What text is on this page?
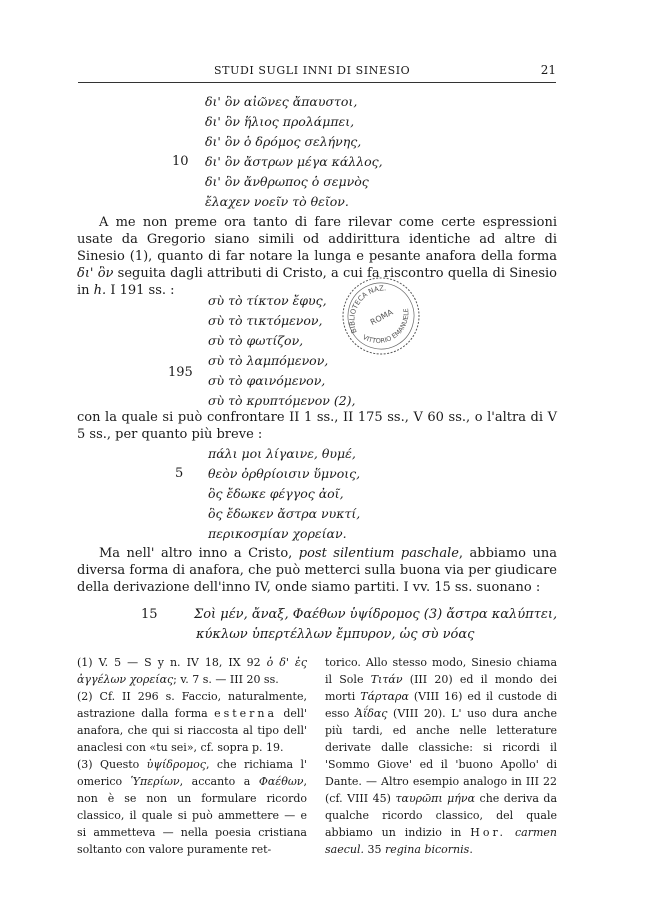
STUDI SUGLI INNI DI SINESIO	21
10
δι' ὃν αἰῶνες ἄπαυστοι,
δι' ὃν ἥλιος προλάμπει,
δι' ὃν ὁ δρόμος σελήνης,
δι' ὃν ἄστρων μέγα κάλλος,
δι' ὃν ἄνθρωπος ὁ σεμνὸς
ἔλαχεν νοεῖν τὸ θεῖον.
A me non preme ora tanto di fare rilevar come certe espressioni usate da Gregorio siano simili od addirittura identiche ad altre di Sinesio (1), quanto di far notare la lunga e pesante anafora della forma δι' ὃν seguita dagli attributi di Cristo, a cui fa riscontro quella di Sinesio in h. I 191 ss. :
195
σὺ τὸ τίκτον ἔφυς,
σὺ τὸ τικτόμενον,
σὺ τὸ φωτίζον,
σὺ τὸ λαμπόμενον,
σὺ τὸ φαινόμενον,
σὺ τὸ κρυπτόμενον (2),
BIBLIOTECA NAZ.
ROMA
VITTORIO EMANUELE
con la quale si può confrontare II 1 ss., II 175 ss., V 60 ss., o l'altra di V 5 ss., per quanto più breve :
5
πάλι μοι λίγαινε, θυμέ,
θεὸν ὀρθρίοισιν ὕμνοις,
ὃς ἔδωκε φέγγος ἀοῖ,
ὃς ἔδωκεν ἄστρα νυκτί,
περικοσμίαν χορείαν.
Ma nell' altro inno a Cristo, post silentium paschale, abbiamo una diversa forma di anafora, che può metterci sulla buona via per giudicare della derivazione dell'inno IV, onde siamo partiti. I vv. 15 ss. suonano :
15	Σοὶ μέν, ἄναξ, Φαέθων ὑψίδρομος (3) ἄστρα καλύπτει,
κύκλων ὑπερτέλλων ἔμπυρον, ὡς σὺ νόας

(1) V. 5 — S y n. IV 18, IX 92 ὁ δ' ἐς ἀγγέλων χορείας; v. 7 s. — III 20 ss.

(2) Cf. II 296 s. Faccio, naturalmente, astrazione dalla forma esterna dell' anafora, che qui si riaccosta al tipo dell' anaclesi con «tu sei», cf. sopra p. 19.

(3) Questo ὑψίδρομος, che richiama l' omerico Ὑπερίων, accanto a Φαέθων, non è se non un formulare ricordo classico, il quale si può ammettere — e si ammetteva — nella poesia cristiana soltanto con valore puramente ret-

torico. Allo stesso modo, Sinesio chiama il Sole Τιτάν (III 20) ed il mondo dei morti Τάρταρα (VIII 16) ed il custode di esso Ἀΐδας (VIII 20). L' uso dura anche più tardi, ed anche nelle letterature derivate dalle classiche: si ricordi il 'Sommo Giove' ed il 'buono Apollo' di Dante. — Altro esempio analogo in III 22 (cf. VIII 45) ταυρῶπι μήνα che deriva da qualche ricordo classico, del quale abbiamo un indizio in Hor. carmen saecul. 35 regina bicornis.
